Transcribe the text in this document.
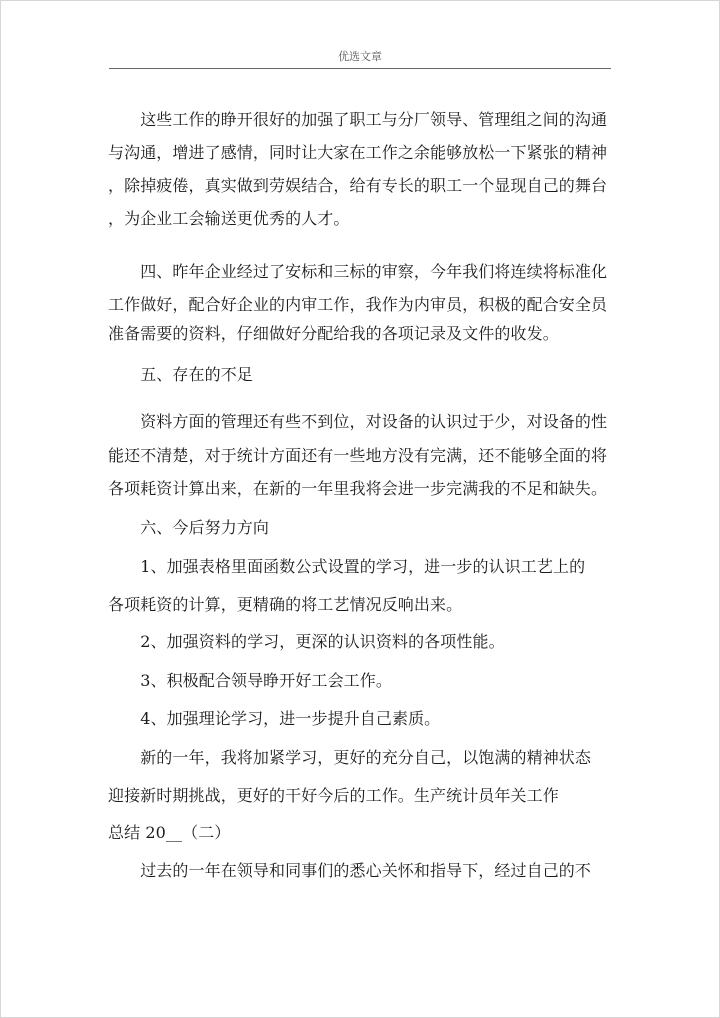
优选文章
　　这些工作的睁开很好的加强了职工与分厂领导、管理组之间的沟通
与沟通，增进了感情，同时让大家在工作之余能够放松一下紧张的精神
，除掉疲倦，真实做到劳娱结合，给有专长的职工一个显现自己的舞台
，为企业工会输送更优秀的人才。
　　四、昨年企业经过了安标和三标的审察，今年我们将连续将标准化
工作做好，配合好企业的内审工作，我作为内审员，积极的配合安全员
准备需要的资料，仔细做好分配给我的各项记录及文件的收发。
　　五、存在的不足
　　资料方面的管理还有些不到位，对设备的认识过于少，对设备的性
能还不清楚，对于统计方面还有一些地方没有完满，还不能够全面的将
各项耗资计算出来，在新的一年里我将会进一步完满我的不足和缺失。
　　六、今后努力方向
　　1、加强表格里面函数公式设置的学习，进一步的认识工艺上的
各项耗资的计算，更精确的将工艺情况反响出来。
　　2、加强资料的学习，更深的认识资料的各项性能。
　　3、积极配合领导睁开好工会工作。
　　4、加强理论学习，进一步提升自己素质。
　　新的一年，我将加紧学习，更好的充分自己，以饱满的精神状态
迎接新时期挑战，更好的干好今后的工作。生产统计员年关工作
总结 20__（二）
　　过去的一年在领导和同事们的悉心关怀和指导下，经过自己的不
